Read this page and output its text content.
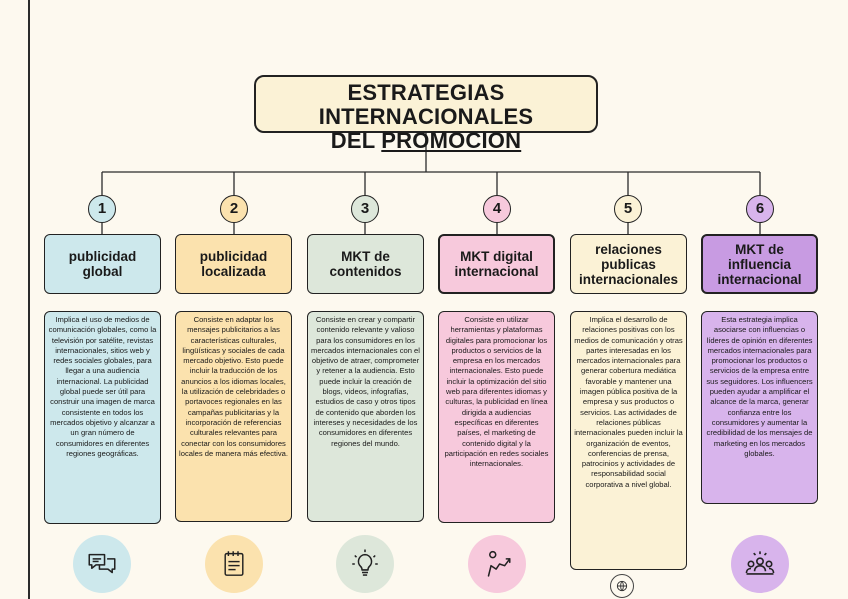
ESTRATEGIAS INTERNACIONALES
DEL PROMOCION
1
publicidad global
Implica el uso de medios de comunicación globales, como la televisión por satélite, revistas internacionales, sitios web y redes sociales globales, para llegar a una audiencia internacional. La publicidad global puede ser útil para construir una imagen de marca consistente en todos los mercados objetivo y alcanzar a un gran número de consumidores en diferentes regiones geográficas.
2
publicidad localizada
Consiste en adaptar los mensajes publicitarios a las características culturales, lingüísticas y sociales de cada mercado objetivo. Esto puede incluir la traducción de los anuncios a los idiomas locales, la utilización de celebridades o portavoces regionales en las campañas publicitarias y la incorporación de referencias culturales relevantes para conectar con los consumidores locales de manera más efectiva.
3
MKT de contenidos
Consiste en crear y compartir contenido relevante y valioso para los consumidores en los mercados internacionales con el objetivo de atraer, comprometer y retener a la audiencia. Esto puede incluir la creación de blogs, videos, infografías, estudios de caso y otros tipos de contenido que aborden los intereses y necesidades de los consumidores en diferentes regiones del mundo.
4
MKT digital internacional
Consiste en utilizar herramientas y plataformas digitales para promocionar los productos o servicios de la empresa en los mercados internacionales. Esto puede incluir la optimización del sitio web para diferentes idiomas y culturas, la publicidad en línea dirigida a audiencias específicas en diferentes países, el marketing de contenido digital y la participación en redes sociales internacionales.
5
relaciones publicas internacionales
Implica el desarrollo de relaciones positivas con los medios de comunicación y otras partes interesadas en los mercados internacionales para generar cobertura mediática favorable y mantener una imagen pública positiva de la empresa y sus productos o servicios. Las actividades de relaciones públicas internacionales pueden incluir la organización de eventos, conferencias de prensa, patrocinios y actividades de responsabilidad social corporativa a nivel global.
6
MKT de influencia internacional
Esta estrategia implica asociarse con influencias o líderes de opinión en diferentes mercados internacionales para promocionar los productos o servicios de la empresa entre sus seguidores. Los influencers pueden ayudar a amplificar el alcance de la marca, generar confianza entre los consumidores y aumentar la credibilidad de los mensajes de marketing en los mercados globales.
